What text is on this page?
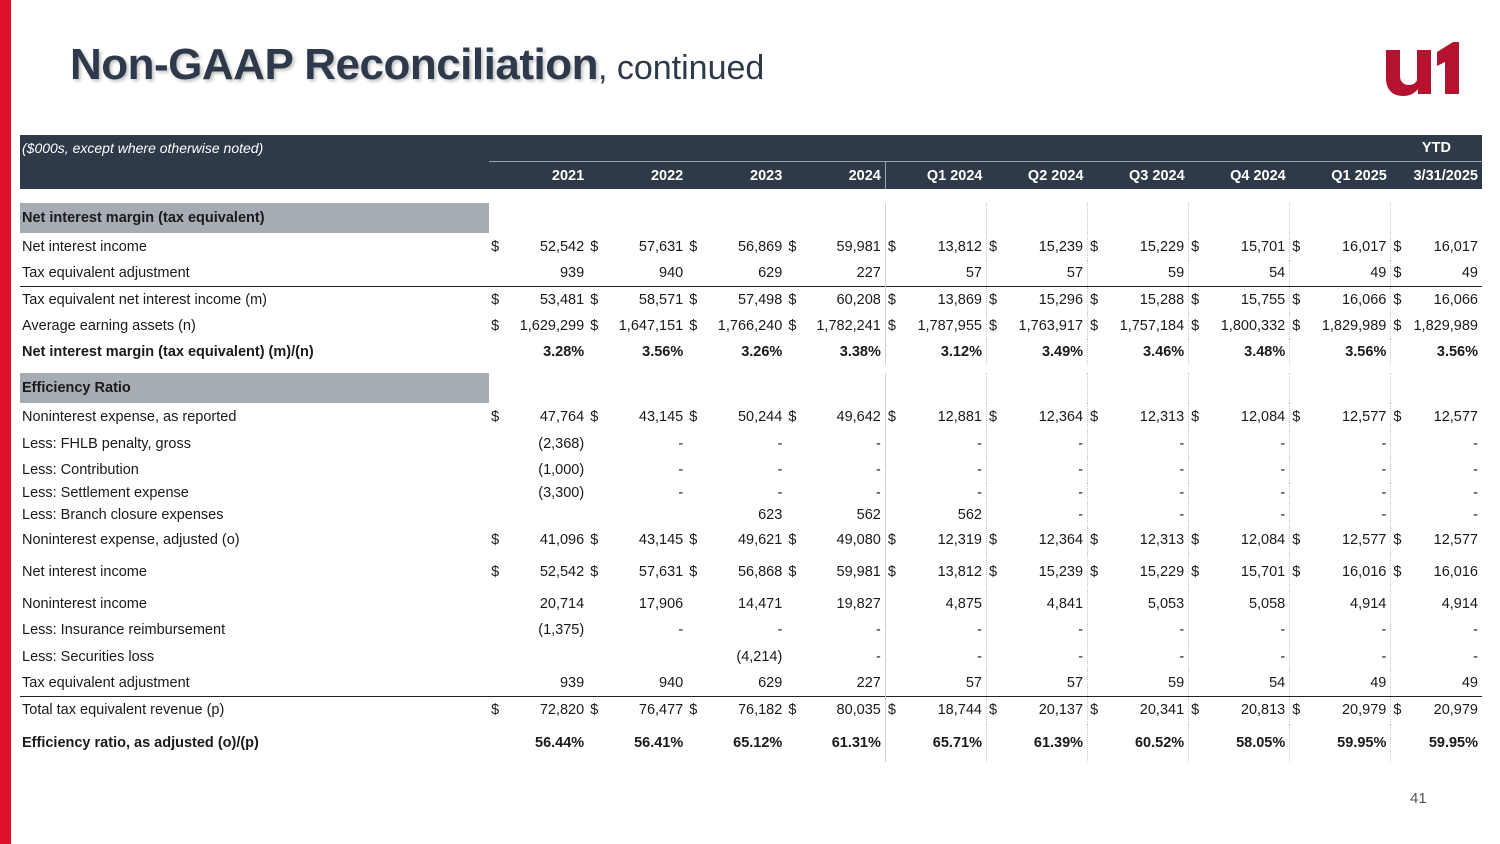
Non-GAAP Reconciliation, continued
($000s, except where otherwise noted)																			YTD	
	2021		2022		2023		2024		Q1 2024		Q2 2024		Q3 2024		Q4 2024		Q1 2025		3/31/2025	

Net interest margin (tax equivalent)																				
Net interest income	$	52,542	$	57,631	$	56,869	$	59,981	$	13,812	$	15,239	$	15,229	$	15,701	$	16,017	$	16,017
Tax equivalent adjustment		939		940		629		227		57		57		59		54		49	$	49
Tax equivalent net interest income (m)	$	53,481	$	58,571	$	57,498	$	60,208	$	13,869	$	15,296	$	15,288	$	15,755	$	16,066	$	16,066
Average earning assets (n)	$	1,629,299	$	1,647,151	$	1,766,240	$	1,782,241	$	1,787,955	$	1,763,917	$	1,757,184	$	1,800,332	$	1,829,989	$	1,829,989
Net interest margin (tax equivalent) (m)/(n)		3.28%		3.56%		3.26%		3.38%		3.12%		3.49%		3.46%		3.48%		3.56%		3.56%

Efficiency Ratio																				
Noninterest expense, as reported	$	47,764	$	43,145	$	50,244	$	49,642	$	12,881	$	12,364	$	12,313	$	12,084	$	12,577	$	12,577
Less: FHLB penalty, gross		(2,368)		-		-		-		-		-		-		-		-		-
Less: Contribution		(1,000)		-		-		-		-		-		-		-		-		-
Less: Settlement expense		(3,300)		-		-		-		-		-		-		-		-		-
Less: Branch closure expenses						623		562		562		-		-		-		-		-
Noninterest expense, adjusted (o)	$	41,096	$	43,145	$	49,621	$	49,080	$	12,319	$	12,364	$	12,313	$	12,084	$	12,577	$	12,577
Net interest income	$	52,542	$	57,631	$	56,868	$	59,981	$	13,812	$	15,239	$	15,229	$	15,701	$	16,016	$	16,016
Noninterest income		20,714		17,906		14,471		19,827		4,875		4,841		5,053		5,058		4,914		4,914
Less: Insurance reimbursement		(1,375)		-		-		-		-		-		-		-		-		-
Less: Securities loss						(4,214)		-		-		-		-		-		-		-
Tax equivalent adjustment		939		940		629		227		57		57		59		54		49		49
Total tax equivalent revenue (p)	$	72,820	$	76,477	$	76,182	$	80,035	$	18,744	$	20,137	$	20,341	$	20,813	$	20,979	$	20,979
Efficiency ratio, as adjusted (o)/(p)		56.44%		56.41%		65.12%		61.31%		65.71%		61.39%		60.52%		58.05%		59.95%		59.95%
41
